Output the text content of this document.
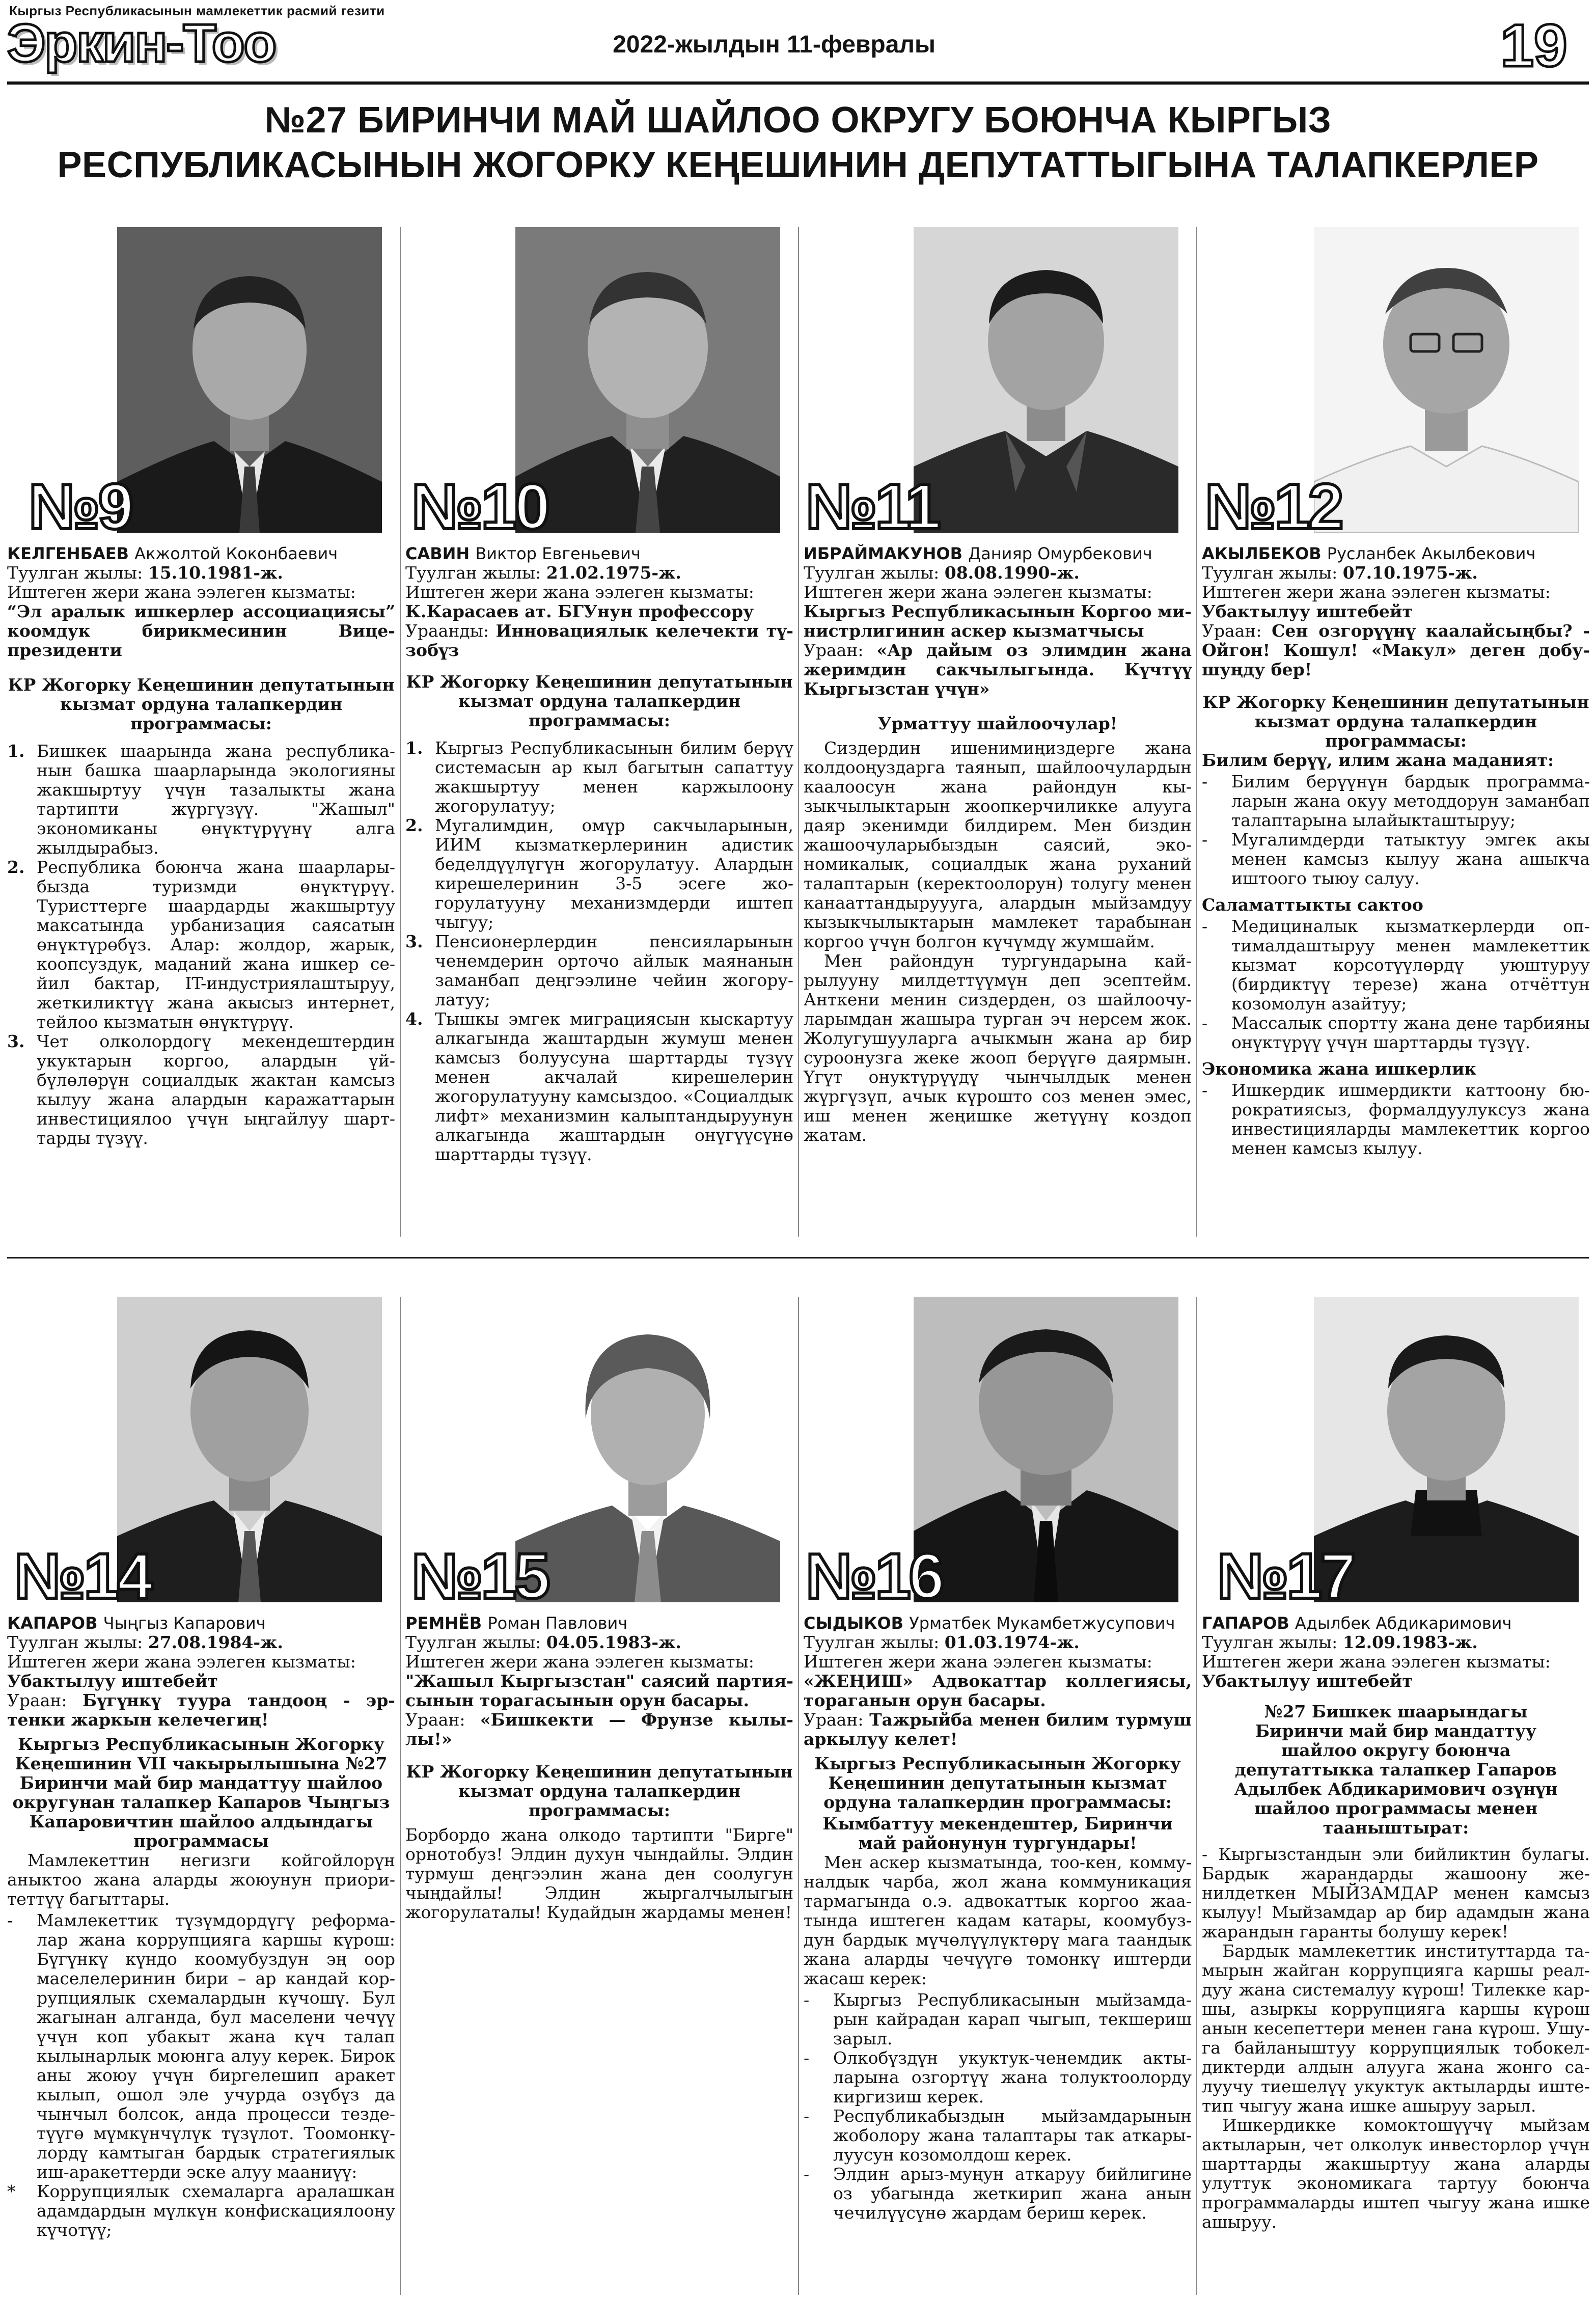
Кыргыз Республикасынын мамлекеттик расмий гезити
Эркин-Тоо	2022-жылдын 11-февралы	19
№27 БИРИНЧИ МАЙ ШАЙЛОО ОКРУГУ БОЮНЧА КЫРГЫЗ
РЕСПУБЛИКАСЫНЫН ЖОГОРКУ КЕҢЕШИНИН ДЕПУТАТТЫГЫНА ТАЛАПКЕРЛЕР
№9

КЕЛГЕНБАЕВ Акжолтой Коконбаевич

Туулган жылы: 15.10.1981-ж.

Иштеген жери жана ээлеген кызматы:

“Эл аралык ишкерлер ассоциациясы” коомдук бирикмесинин Вице-президенти

КР Жогорку Кеңешинин депутатынын кызмат ордуна талапкердин программасы:

1. Бишкек шаарында жана республиканын башка шаарларында экологияны жакшыртуу үчүн тазалыкты жана тартипти жүргүзүү. "Жашыл" экономиканы өнүктүрүүнү алга жылдырабыз.
2. Республика боюнча жана шаарларыбызда туризмди өнүктүрүү. Туристтерге шаардарды жакшыртуу максатында урбанизация саясатын өнүктүрөбүз. Алар: жолдор, жарык, коопсуздук, маданий жана ишкер сейил бактар, IT-индустриялаштыруу, жеткиликтүү жана акысыз интернет, тейлоо кызматын өнүктүрүү.
3. Чет олколордогү мекендештердин укуктарын коргоо, алардын үй-бүлөлөрүн социалдык жактан камсыз кылуу жана алардын каражаттарын инвестициялоо үчүн ыңгайлуу шарттарды түзүү.
№10

САВИН Виктор Евгеньевич

Туулган жылы: 21.02.1975-ж.

Иштеген жери жана ээлеген кызматы:

К.Карасаев ат. БГУнун профессору

Ураанды: Инновациялык келечекти түзобүз

КР Жогорку Кеңешинин депутатынын кызмат ордуна талапкердин программасы:

1. Кыргыз Республикасынын билим берүү системасын ар кыл багытын сапаттуу жакшыртуу менен каржылоону жогорулатуу;
2. Мугалимдин, омүр сакчыларынын, ИИМ кызматкерлеринин адистик беделдүүлүгүн жогорулатуу. Алардын кирешелеринин 3-5 эсеге жогорулатууну механизмдерди иштеп чыгуу;
3. Пенсионерлердин пенсияларынын ченемдерин орточо айлык маянанын заманбап деңгээлине чейин жогорулатуу;
4. Тышкы эмгек миграциясын кыскартуу алкагында жаштардын жумуш менен камсыз болуусуна шарттарды түзүү менен акчалай кирешелерин жогорулатууну камсыздоо. «Социалдык лифт» механизмин калыптандыруунун алкагында жаштардын онүгүүсүнө шарттарды түзүү.
№11

ИБРАЙМАКУНОВ Данияр Омурбекович

Туулган жылы: 08.08.1990-ж.

Иштеген жери жана ээлеген кызматы:

Кыргыз Республикасынын Коргоо министрлигинин аскер кызматчысы

Ураан: «Ар дайым оз элимдин жана жеримдин сакчылыгында. Күчтүү Кыргызстан үчүн»

Урматтуу шайлоочулар!

Сиздердин ишенимиңиздерге жана колдооңуздарга таянып, шайлоочулардын каалоосун жана райондун кызыкчылыктарын жоопкерчиликке алууга даяр экенимди билдирем. Мен биздин жашоочуларыбыздын саясий, экономикалык, социалдык жана руханий талаптарын (керектоолорун) толугу менен канааттандыруууга, алардын мыйзамдуу кызыкчылыктарын мамлекет тарабынан коргоо үчүн болгон күчүмдү жумшайм.

Мен райондун тургундарына кайрылууну милдеттүүмүн деп эсептейм. Анткени менин сиздерден, оз шайлоочуларымдан жашыра турган эч нерсем жок. Жолугушууларга ачыкмын жана ар бир суроонузга жеке жооп берүүгө даярмын. Үгүт онуктүрүүдү чынчылдык менен жүргүзүп, ачык күрошто соз менен эмес, иш менен жеңишке жетүүнү коздоп жатам.

№12

АКЫЛБЕКОВ Русланбек Акылбекович

Туулган жылы: 07.10.1975-ж.

Иштеген жери жана ээлеген кызматы:

Убактылуу иштебейт

Ураан: Сен озгорүүнү каалайсыңбы? - Ойгон! Кошул! «Макул» деген добушуңду бер!

КР Жогорку Кеңешинин депутатынын кызмат ордуна талапкердин программасы:

Билим берүү, илим жана маданият:

- Билим берүүнүн бардык программаларын жана окуу методдорун заманбап талаптарына ылайыкташтыруу;
- Мугалимдерди татыктуу эмгек акы менен камсыз кылуу жана ашыкча иштоого тыюу салуу.

Саламаттыкты сактоо

- Медициналык кызматкерлерди оптималдаштыруу менен мамлекеттик кызмат корсотүүлөрдү уюштуруу (бирдиктүү терезе) жана отчёттун козомолун азайтуу;
- Массалык спортту жана дене тарбияны онүктүрүү үчүн шарттарды түзүү.

Экономика жана ишкерлик

- Ишкердик ишмердикти каттоону бюрократиясыз, формалдуулуксуз жана инвестицияларды мамлекеттик коргоо менен камсыз кылуу.
№14

КАПАРОВ Чыңгыз Капарович

Туулган жылы: 27.08.1984-ж.

Иштеген жери жана ээлеген кызматы:

Убактылуу иштебейт

Ураан: Бүгүнкү туура тандооң - эртенки жаркын келечегиң!

Кыргыз Республикасынын Жогорку Кеңешинин VII чакырылышына №27 Биринчи май бир мандаттуу шайлоо округунан талапкер Капаров Чыңгыз Капаровичтин шайлоо алдындагы программасы

Мамлекеттин негизги койгойлорүн аныктоо жана аларды жоюунун приоритеттүү багыттары.

- Мамлекеттик түзүмдордүгү реформалар жана коррупцияга каршы күрош: Бүгүнкү күндо коомубуздун эң оор маселелеринин бири – ар кандай коррупциялык схемалардын күчошү. Бул жагынан алганда, бул маселени чечүү үчүн коп убакыт жана күч талап кылынарлык моюнга алуу керек. Бирок аны жоюу үчүн биргелешип аракет кылып, ошол эле учурда озүбүз да чынчыл болсок, анда процесси тездетүүгө мүмкүнчүлүк түзүлот. Тоомонкүлордү камтыган бардык стратегиялык иш-аракеттерди эске алуу мааниүү:
* Коррупциялык схемаларга аралашкан адамдардын мүлкүн конфискациялоону күчотүү;
№15

РЕМНЁВ Роман Павлович

Туулган жылы: 04.05.1983-ж.

Иштеген жери жана ээлеген кызматы:

"Жашыл Кыргызстан" саясий партиясынын торагасынын орун басары.

Ураан: «Бишкекти — Фрунзе кылылы!»

КР Жогорку Кеңешинин депутатынын кызмат ордуна талапкердин программасы:

Борбордо жана олкодо тартипти "Бирге" орнотобуз! Элдин духун чындайлы. Элдин турмуш деңгээлин жана ден соолугун чыңдайлы! Элдин жыргалчылыгын жогорулаталы! Кудайдын жардамы менен!

№16

СЫДЫКОВ Урматбек Мукамбетжусупович

Туулган жылы: 01.03.1974-ж.

Иштеген жери жана ээлеген кызматы:

«ЖЕҢИШ» Адвокаттар коллегиясы, тораганын орун басары.

Ураан: Тажрыйба менен билим турмуш аркылуу келет!

Кыргыз Республикасынын Жогорку Кеңешинин депутатынын кызмат ордуна талапкердин программасы:

Кымбаттуу мекендештер, Биринчи май районунун тургундары!

Мен аскер кызматында, тоо-кен, коммуналдык чарба, жол жана коммуникация тармагында о.э. адвокаттык коргоо жаатында иштеген кадам катары, коомубуздун бардык мүчөлүүлүктөрү мага таандык жана аларды чечүүгө томонкү иштерди жасаш керек:

- Кыргыз Республикасынын мыйзамдарын кайрадан карап чыгып, текшериш зарыл.
- Олкобүздүн укуктук-ченемдик актыларына озгортүү жана толуктоолорду киргизиш керек.
- Республикабыздын мыйзамдарынын жоболору жана талаптары так аткарылуусун козомолдош керек.
- Элдин арыз-муңун аткаруу бийлигине оз убагында жеткирип жана анын чечилүүсүнө жардам бериш керек.
№17

ГАПАРОВ Адылбек Абдикаримович

Туулган жылы: 12.09.1983-ж.

Иштеген жери жана ээлеген кызматы:

Убактылуу иштебейт

№27 Бишкек шаарындагы Биринчи май бир мандаттуу шайлоо округу боюнча депутаттыкка талапкер Гапаров Адылбек Абдикаримович озүнүн шайлоо программасы менен тааныштырат:

- Кыргызстандын эли бийликтин булагы. Бардык жарандарды жашоону женилдеткен МЫЙЗАМДАР менен камсыз кылуу! Мыйзамдар ар бир адамдын жана жарандын гаранты болушу керек!

Бардык мамлекеттик институттарда тамырын жайган коррупцияга каршы реалдуу жана системалуу күрош! Тилекке каршы, азыркы коррупцияга каршы күрош анын кесепеттери менен гана күрош. Ушуга байланыштуу коррупциялык тобокелдиктерди алдын алууга жана жонго салуучу тиешелүү укуктук актыларды иштетип чыгуу жана ишке ашыруу зарыл.

Ишкердикке комоктошүүчү мыйзам актыларын, чет олколук инвесторлор үчүн шарттарды жакшыртуу жана аларды улуттук экономикага тартуу боюнча программаларды иштеп чыгуу жана ишке ашыруу.
